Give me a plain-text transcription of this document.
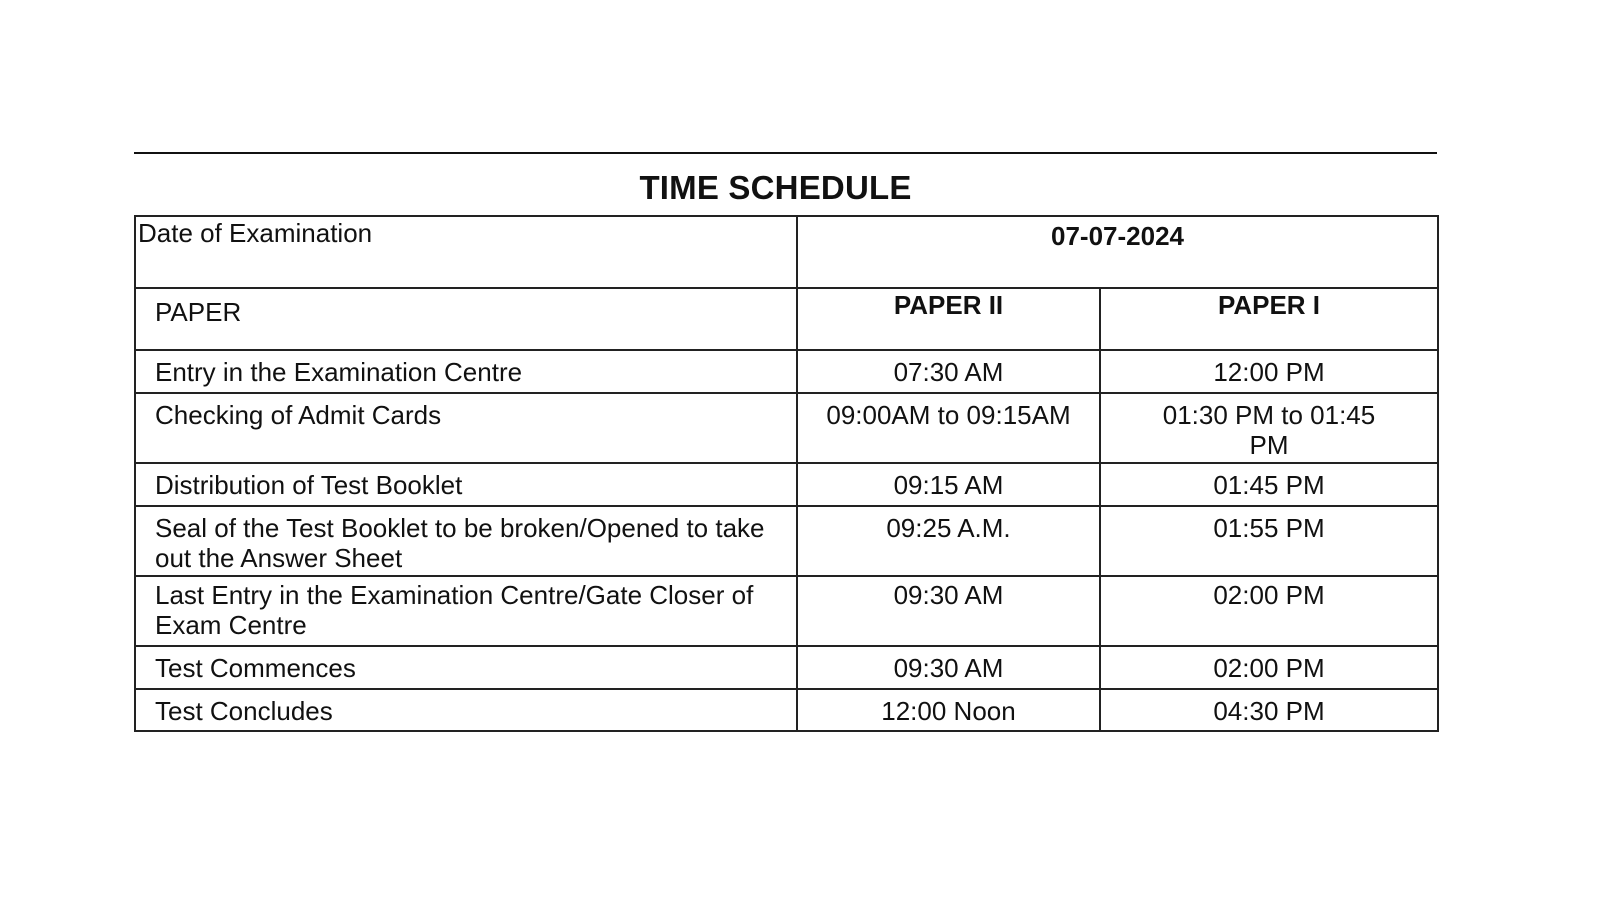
TIME SCHEDULE
Date of Examination	07-07-2024	
PAPER	PAPER II	PAPER I
Entry in the Examination Centre	07:30 AM	12:00 PM
Checking of Admit Cards	09:00AM to 09:15AM	01:30 PM to 01:45 PM
Distribution of Test Booklet	09:15 AM	01:45 PM
Seal of the Test Booklet to be broken/Opened to take out the Answer Sheet	09:25 A.M.	01:55 PM
Last Entry in the Examination Centre/Gate Closer of Exam Centre	09:30 AM	02:00 PM
Test Commences	09:30 AM	02:00 PM
Test Concludes	12:00 Noon	04:30 PM
